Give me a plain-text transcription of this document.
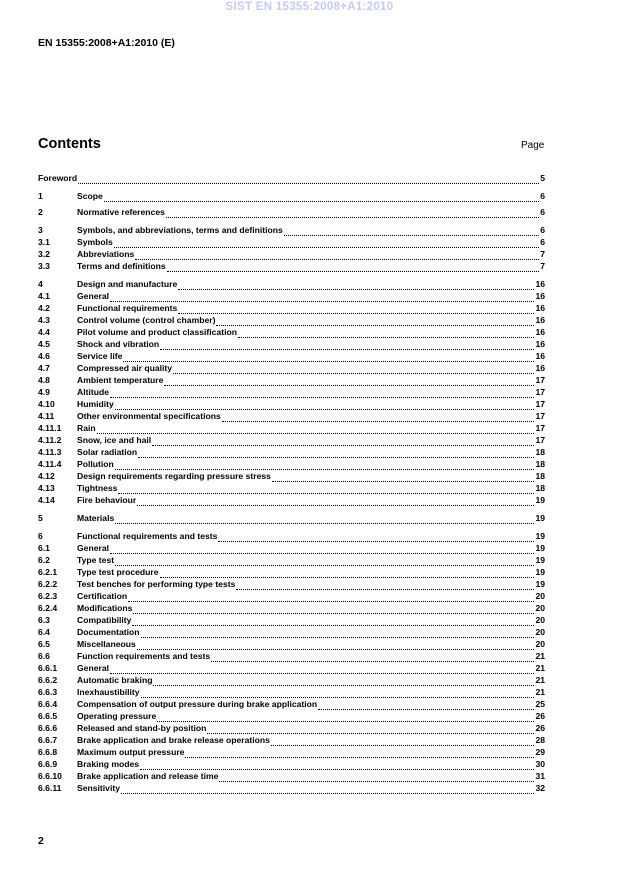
SIST EN 15355:2008+A1:2010
EN 15355:2008+A1:2010 (E)
Contents	Page
Foreword	5
1	Scope	6
2	Normative references	6
3	Symbols, and abbreviations, terms and definitions	6
3.1	Symbols	6
3.2	Abbreviations	7
3.3	Terms and definitions	7
4	Design and manufacture	16
4.1	General	16
4.2	Functional requirements	16
4.3	Control volume (control chamber)	16
4.4	Pilot volume and product classification	16
4.5	Shock and vibration	16
4.6	Service life	16
4.7	Compressed air quality	16
4.8	Ambient temperature	17
4.9	Altitude	17
4.10	Humidity	17
4.11	Other environmental specifications	17
4.11.1	Rain	17
4.11.2	Snow, ice and hail	17
4.11.3	Solar radiation	18
4.11.4	Pollution	18
4.12	Design requirements regarding pressure stress	18
4.13	Tightness	18
4.14	Fire behaviour	19
5	Materials	19
6	Functional requirements and tests	19
6.1	General	19
6.2	Type test	19
6.2.1	Type test procedure	19
6.2.2	Test benches for performing type tests	19
6.2.3	Certification	20
6.2.4	Modifications	20
6.3	Compatibility	20
6.4	Documentation	20
6.5	Miscellaneous	20
6.6	Function requirements and tests	21
6.6.1	General	21
6.6.2	Automatic braking	21
6.6.3	Inexhaustibility	21
6.6.4	Compensation of output pressure during brake application	25
6.6.5	Operating pressure	26
6.6.6	Released and stand-by position	26
6.6.7	Brake application and brake release operations	28
6.6.8	Maximum output pressure	29
6.6.9	Braking modes	30
6.6.10	Brake application and release time	31
6.6.11	Sensitivity	32
2
